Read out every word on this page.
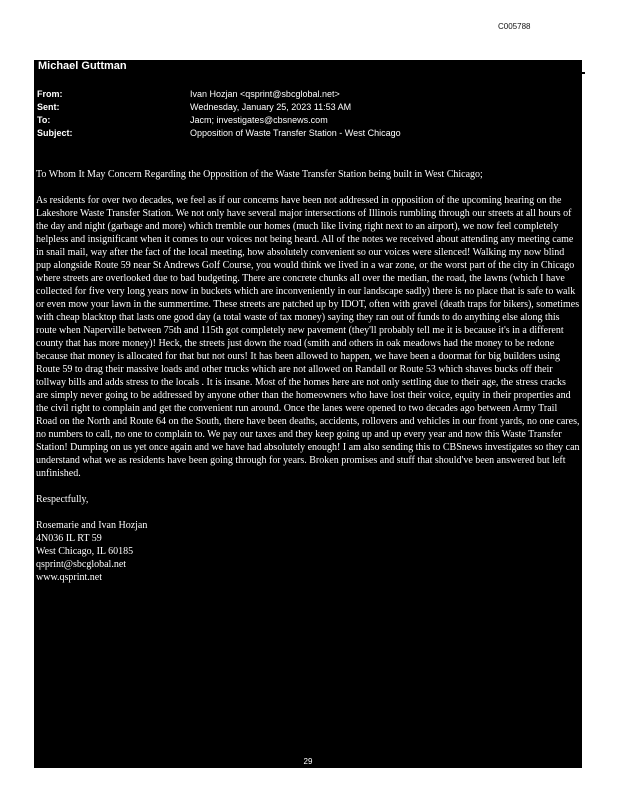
C005788
Michael Guttman
From:	Ivan Hozjan <qsprint@sbcglobal.net>
Sent:	Wednesday, January 25, 2023 11:53 AM
To:	Jacm; investigates@cbsnews.com
Subject:	Opposition of Waste Transfer Station - West Chicago

To Whom It May Concern Regarding the Opposition of the Waste Transfer Station being built in West Chicago;

As residents for over two decades, we feel as if our concerns have been not addressed in opposition of the upcoming hearing on the Lakeshore Waste Transfer Station. We not only have several major intersections of Illinois rumbling through our streets at all hours of the day and night (garbage and more) which tremble our homes (much like living right next to an airport), we now feel completely helpless and insignificant when it comes to our voices not being heard. All of the notes we received about attending any meeting came in snail mail, way after the fact of the local meeting, how absolutely convenient so our voices were silenced! Walking my now blind pup alongside Route 59 near St Andrews Golf Course, you would think we lived in a war zone, or the worst part of the city in Chicago where streets are overlooked due to bad budgeting. There are concrete chunks all over the median, the road, the lawns (which I have collected for five very long years now in buckets which are inconveniently in our landscape sadly) there is no place that is safe to walk or even mow your lawn in the summertime. These streets are patched up by IDOT, often with gravel (death traps for bikers), sometimes with cheap blacktop that lasts one good day (a total waste of tax money) saying they ran out of funds to do anything else along this route when Naperville between 75th and 115th got completely new pavement (they'll probably tell me it is because it's in a different county that has more money)! Heck, the streets just down the road (smith and others in oak meadows had the money to be redone because that money is allocated for that but not ours! It has been allowed to happen, we have been a doormat for big builders using Route 59 to drag their massive loads and other trucks which are not allowed on Randall or Route 53 which shaves bucks off their tollway bills and adds stress to the locals . It is insane. Most of the homes here are not only settling due to their age, the stress cracks are simply never going to be addressed by anyone other than the homeowners who have lost their voice, equity in their properties and the civil right to complain and get the convenient run around. Once the lanes were opened to two decades ago between Army Trail Road on the North and Route 64 on the South, there have been deaths, accidents, rollovers and vehicles in our front yards, no one cares, no numbers to call, no one to complain to. We pay our taxes and they keep going up and up every year and now this Waste Transfer Station! Dumping on us yet once again and we have had absolutely enough! I am also sending this to CBSnews investigates so they can understand what we as residents have been going through for years. Broken promises and stuff that should've been answered but left unfinished.

Respectfully,

Rosemarie and Ivan Hozjan
4N036 IL RT 59
West Chicago, IL 60185
qsprint@sbcglobal.net
www.qsprint.net
29
